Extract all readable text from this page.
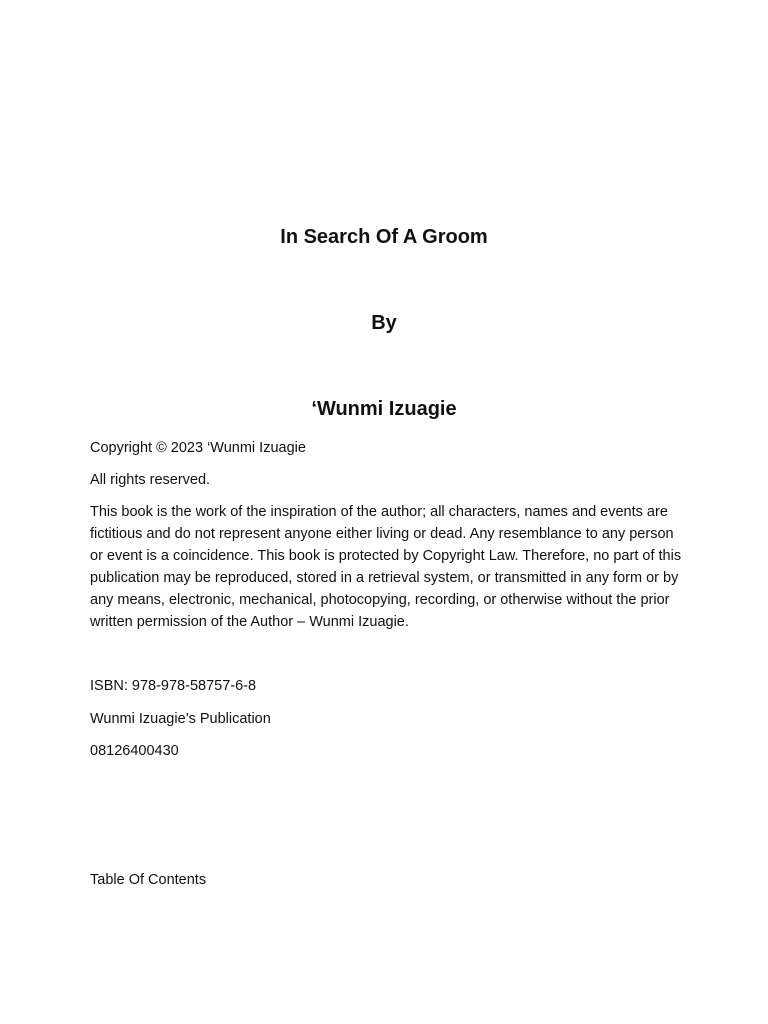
In Search Of A Groom
By
‘Wunmi Izuagie

Copyright © 2023 ‘Wunmi Izuagie

All rights reserved.

This book is the work of the inspiration of the author; all characters, names and events are fictitious and do not represent anyone either living or dead. Any resemblance to any person or event is a coincidence. This book is protected by Copyright Law. Therefore, no part of this publication may be reproduced, stored in a retrieval system, or transmitted in any form or by any means, electronic, mechanical, photocopying, recording, or otherwise without the prior written permission of the Author – Wunmi Izuagie.

ISBN: 978-978-58757-6-8

Wunmi Izuagie’s Publication

08126400430

Table Of Contents
